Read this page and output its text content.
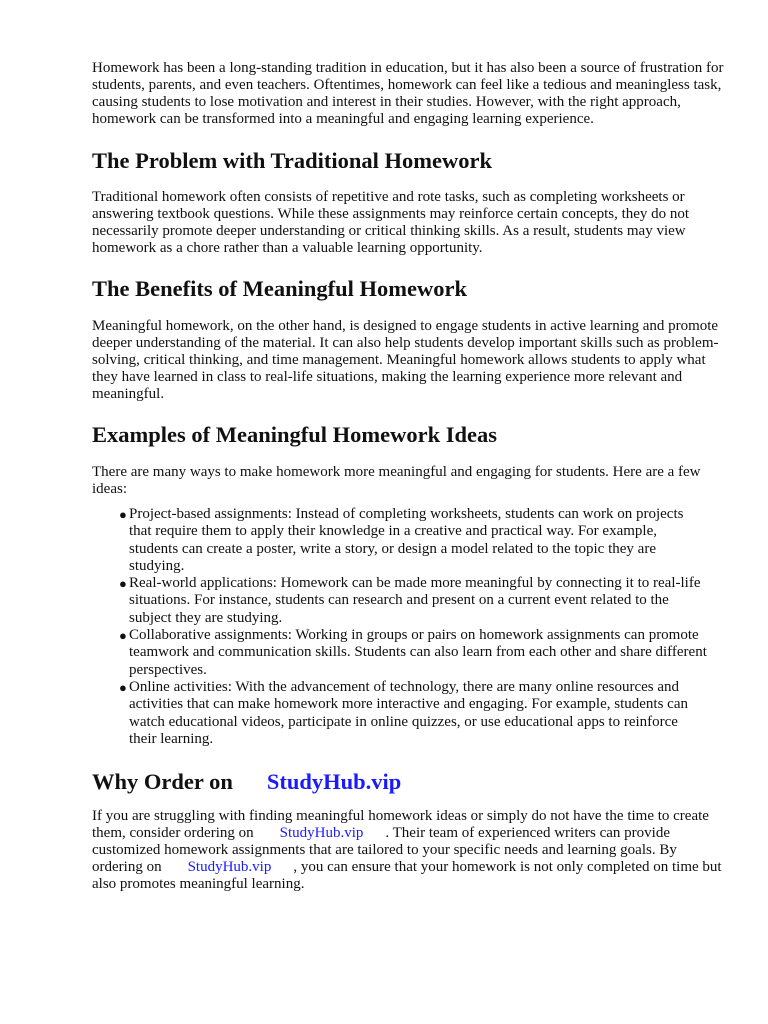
Homework has been a long-standing tradition in education, but it has also been a source of frustration for students, parents, and even teachers. Oftentimes, homework can feel like a tedious and meaningless task, causing students to lose motivation and interest in their studies. However, with the right approach, homework can be transformed into a meaningful and engaging learning experience.

The Problem with Traditional Homework

Traditional homework often consists of repetitive and rote tasks, such as completing worksheets or answering textbook questions. While these assignments may reinforce certain concepts, they do not necessarily promote deeper understanding or critical thinking skills. As a result, students may view homework as a chore rather than a valuable learning opportunity.

The Benefits of Meaningful Homework

Meaningful homework, on the other hand, is designed to engage students in active learning and promote deeper understanding of the material. It can also help students develop important skills such as problem-solving, critical thinking, and time management. Meaningful homework allows students to apply what they have learned in class to real-life situations, making the learning experience more relevant and meaningful.

Examples of Meaningful Homework Ideas

There are many ways to make homework more meaningful and engaging for students. Here are a few ideas:

● Project-based assignments: Instead of completing worksheets, students can work on projects that require them to apply their knowledge in a creative and practical way. For example, students can create a poster, write a story, or design a model related to the topic they are studying.
● Real-world applications: Homework can be made more meaningful by connecting it to real-life situations. For instance, students can research and present on a current event related to the subject they are studying.
● Collaborative assignments: Working in groups or pairs on homework assignments can promote teamwork and communication skills. Students can also learn from each other and share different perspectives.
● Online activities: With the advancement of technology, there are many online resources and activities that can make homework more interactive and engaging. For example, students can watch educational videos, participate in online quizzes, or use educational apps to reinforce their learning.
Why Order on StudyHub.vip

If you are struggling with finding meaningful homework ideas or simply do not have the time to create them, consider ordering on StudyHub.vip . Their team of experienced writers can provide customized homework assignments that are tailored to your specific needs and learning goals. By ordering on StudyHub.vip , you can ensure that your homework is not only completed on time but also promotes meaningful learning.
